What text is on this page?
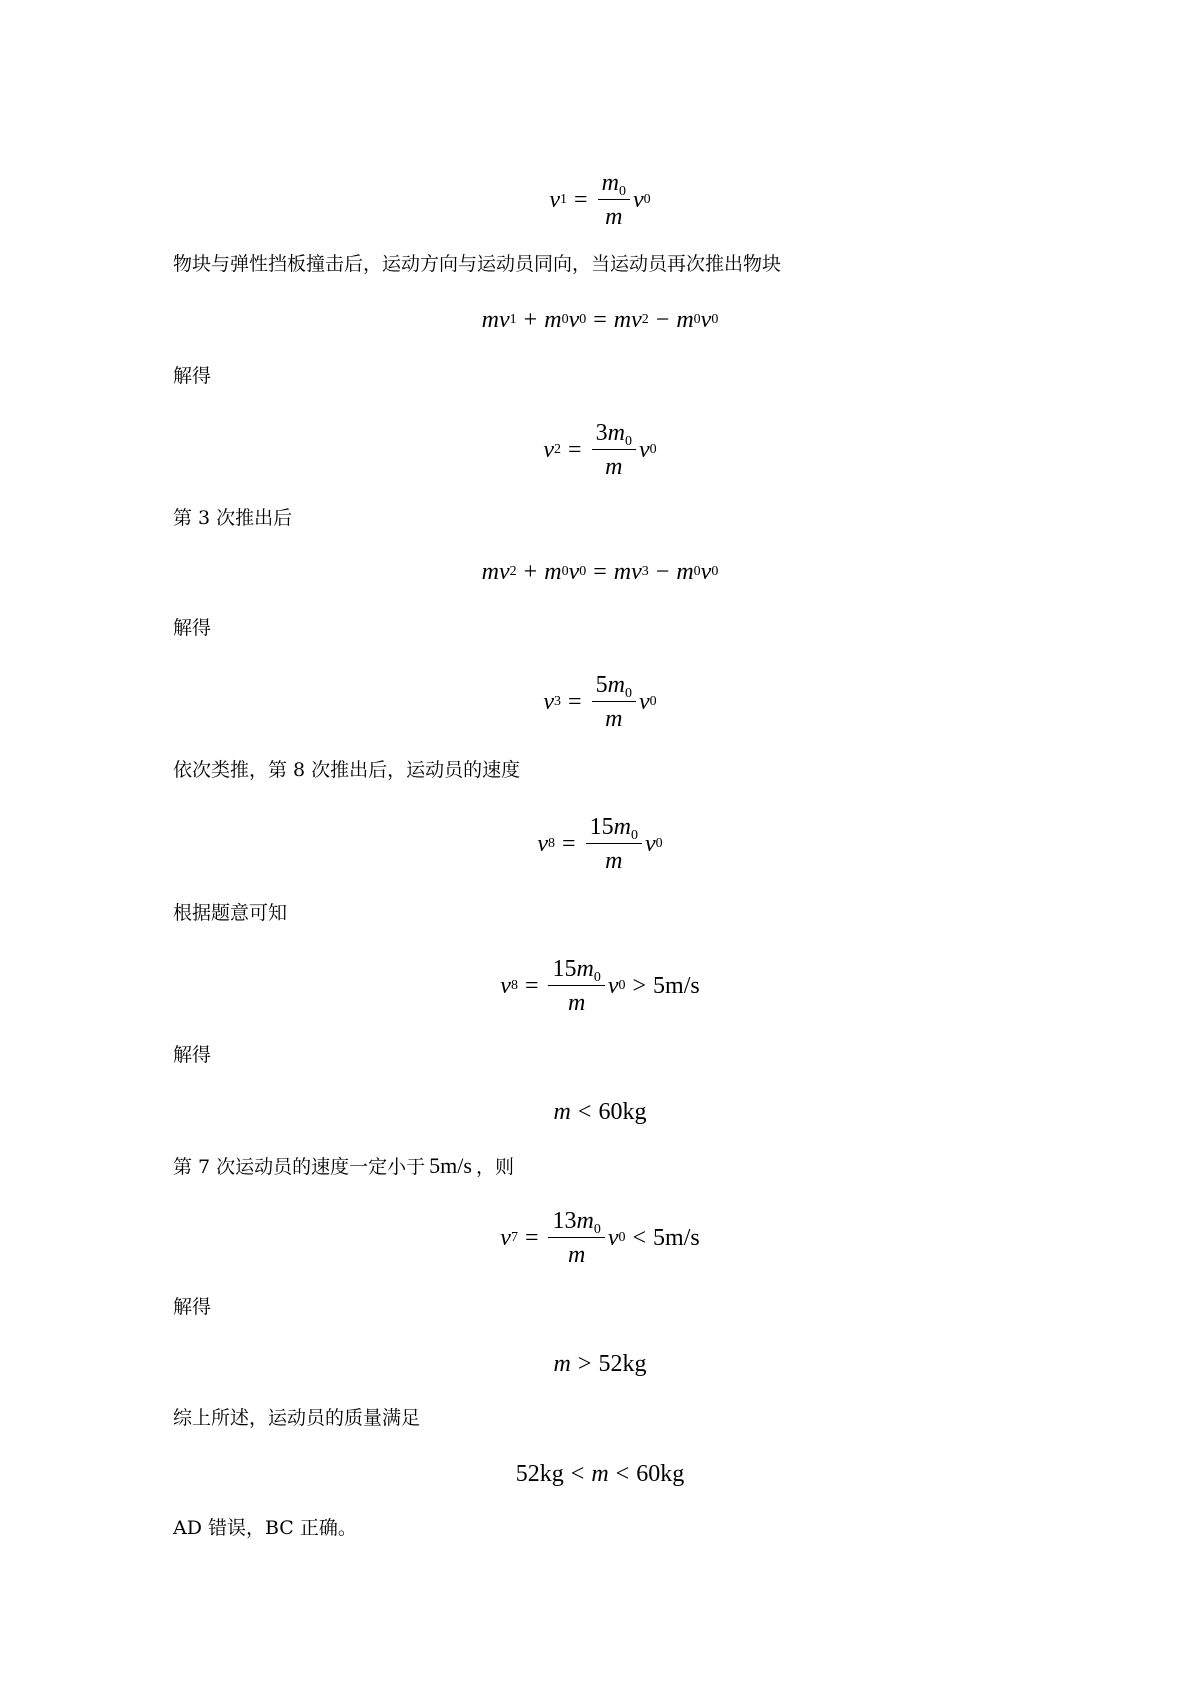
v $1 = \frac{m_0}{m}$ v 0
物块与弹性挡板撞击后，运动方向与运动员同向，当运动员再次推出物块
m v 1 + m 0 v 0 = m v 2 − m 0 v 0
解得
v $2 = \frac{3m_0}{m}$ v 0
第 3 次推出后
m v 2 + m 0 v 0 = m v 3 − m 0 v 0
解得
v $3 = \frac{5m_0}{m}$ v 0
依次类推，第 8 次推出后，运动员的速度
v $8 = \frac{15m_0}{m}$ v 0
根据题意可知
v $8 = \frac{15m_0}{m}$ v 0 > 5m/s
解得
m < 60kg
第 7 次运动员的速度一定小于 5m/s ，则
v $7 = \frac{13m_0}{m}$ v 0 < 5m/s
解得
m > 52kg
综上所述，运动员的质量满足
52kg < m < 60kg
AD 错误，BC 正确。
